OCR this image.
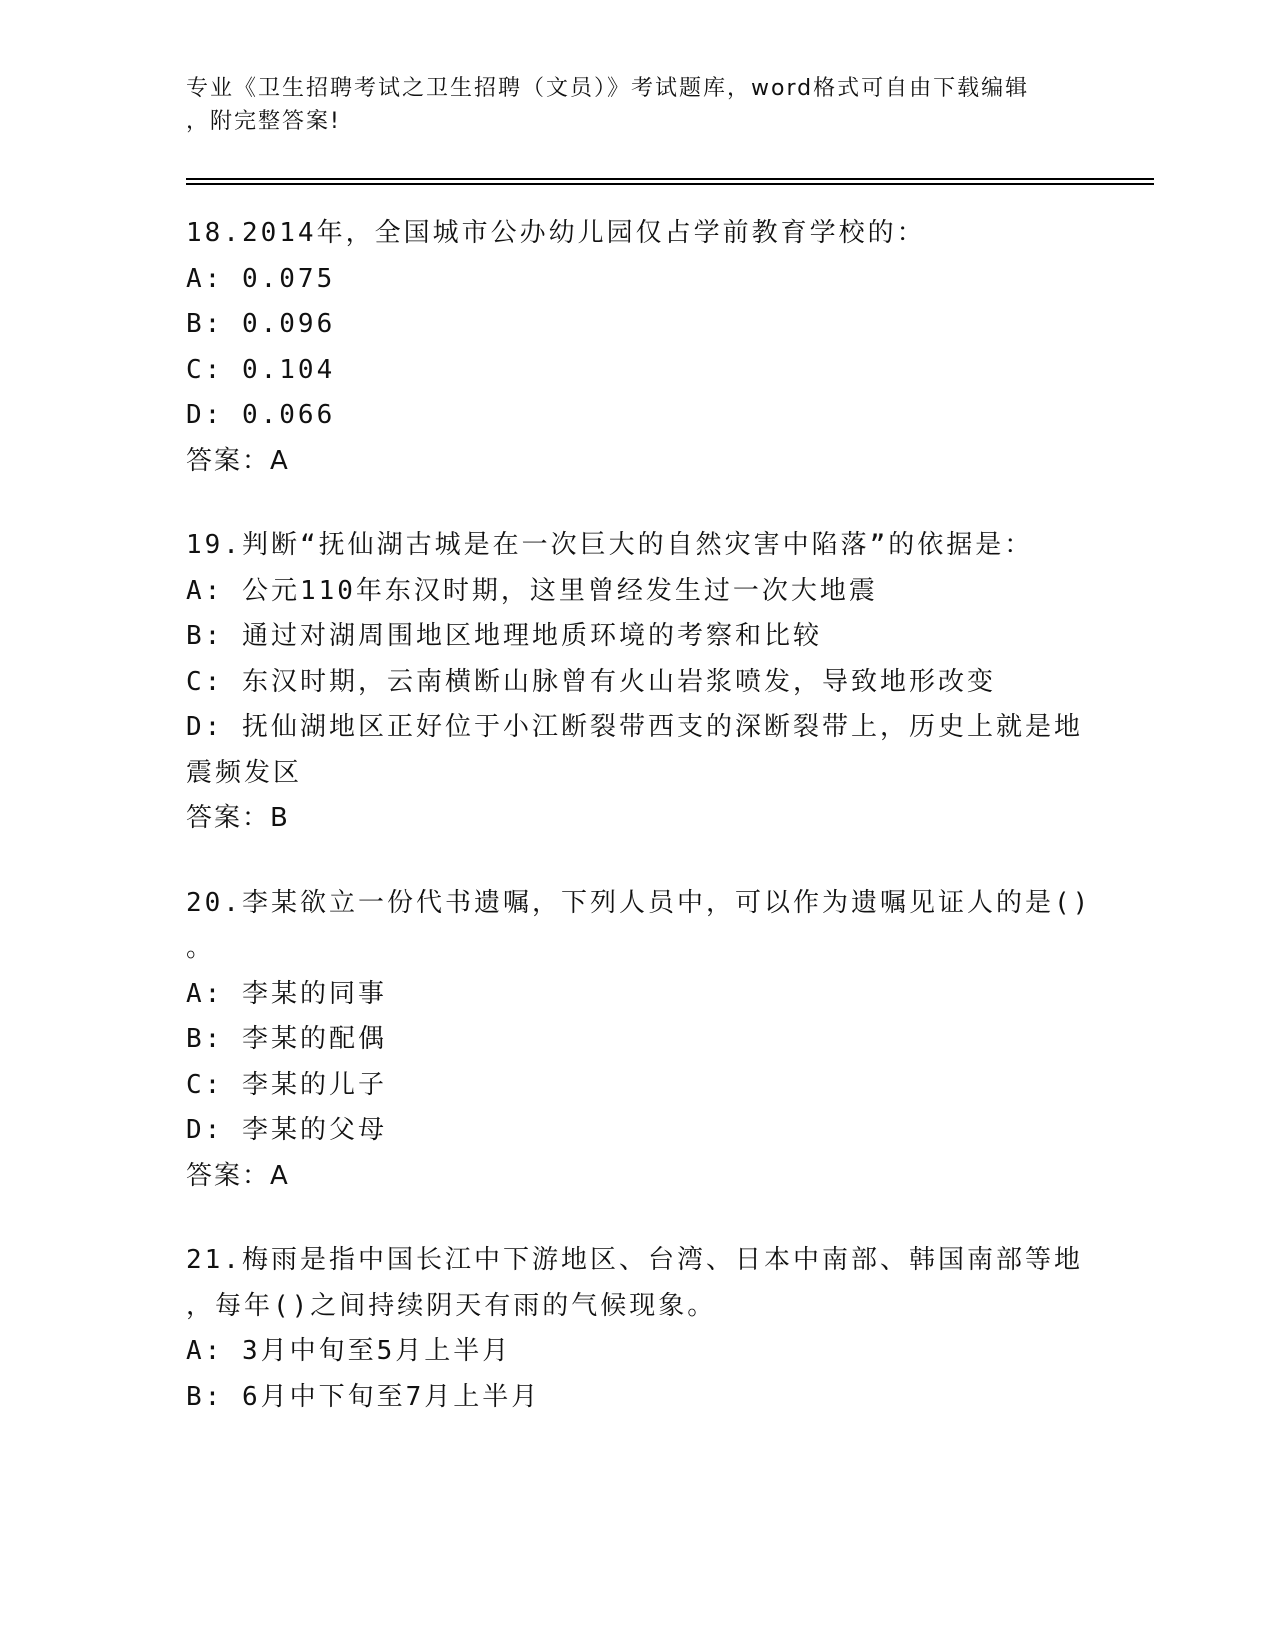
专业《卫生招聘考试之卫生招聘（文员）》考试题库，word格式可自由下载编辑
，附完整答案!
18.2014年，全国城市公办幼儿园仅占学前教育学校的：
A: 0.075
B: 0.096
C: 0.104
D: 0.066
答案：A
19.判断“抚仙湖古城是在一次巨大的自然灾害中陷落”的依据是：
A: 公元110年东汉时期，这里曾经发生过一次大地震
B: 通过对湖周围地区地理地质环境的考察和比较
C: 东汉时期，云南横断山脉曾有火山岩浆喷发，导致地形改变
D: 抚仙湖地区正好位于小江断裂带西支的深断裂带上，历史上就是地
震频发区
答案：B
20.李某欲立一份代书遗嘱，下列人员中，可以作为遗嘱见证人的是()
。
A: 李某的同事
B: 李某的配偶
C: 李某的儿子
D: 李某的父母
答案：A
21.梅雨是指中国长江中下游地区、台湾、日本中南部、韩国南部等地
，每年()之间持续阴天有雨的气候现象。
A: 3月中旬至5月上半月
B: 6月中下旬至7月上半月
